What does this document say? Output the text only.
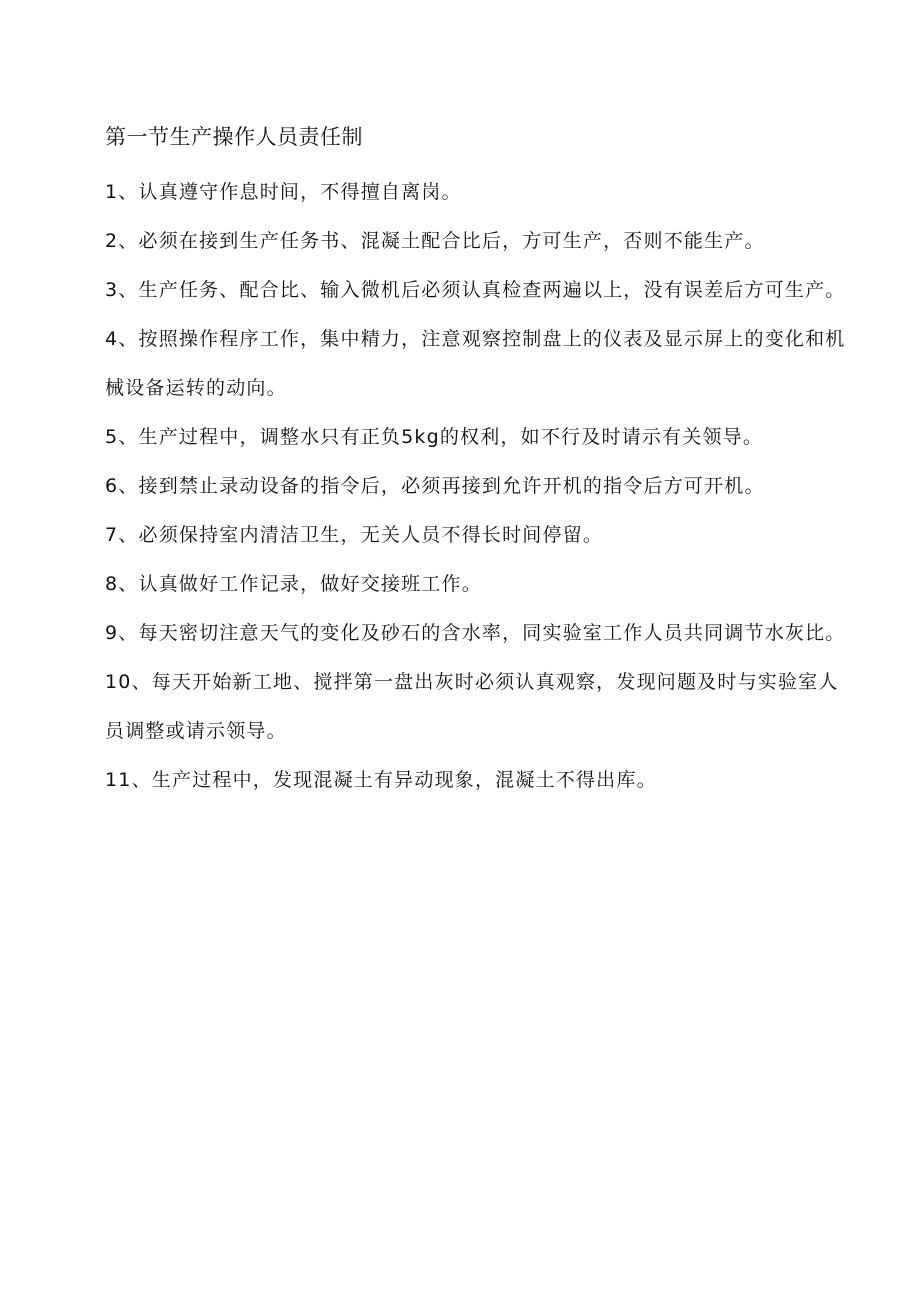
第一节生产操作人员责任制

1、认真遵守作息时间，不得擅自离岗。

2、必须在接到生产任务书、混凝土配合比后，方可生产，否则不能生产。

3、生产任务、配合比、输入微机后必须认真检查两遍以上，没有误差后方可生产。

4、按照操作程序工作，集中精力，注意观察控制盘上的仪表及显示屏上的变化和机械设备运转的动向。

5、生产过程中，调整水只有正负5kg的权利，如不行及时请示有关领导。

6、接到禁止录动设备的指令后，必须再接到允许开机的指令后方可开机。

7、必须保持室内清洁卫生，无关人员不得长时间停留。

8、认真做好工作记录，做好交接班工作。

9、每天密切注意天气的变化及砂石的含水率，同实验室工作人员共同调节水灰比。

10、每天开始新工地、搅拌第一盘出灰时必须认真观察，发现问题及时与实验室人员调整或请示领导。

11、生产过程中，发现混凝土有异动现象，混凝土不得出库。
